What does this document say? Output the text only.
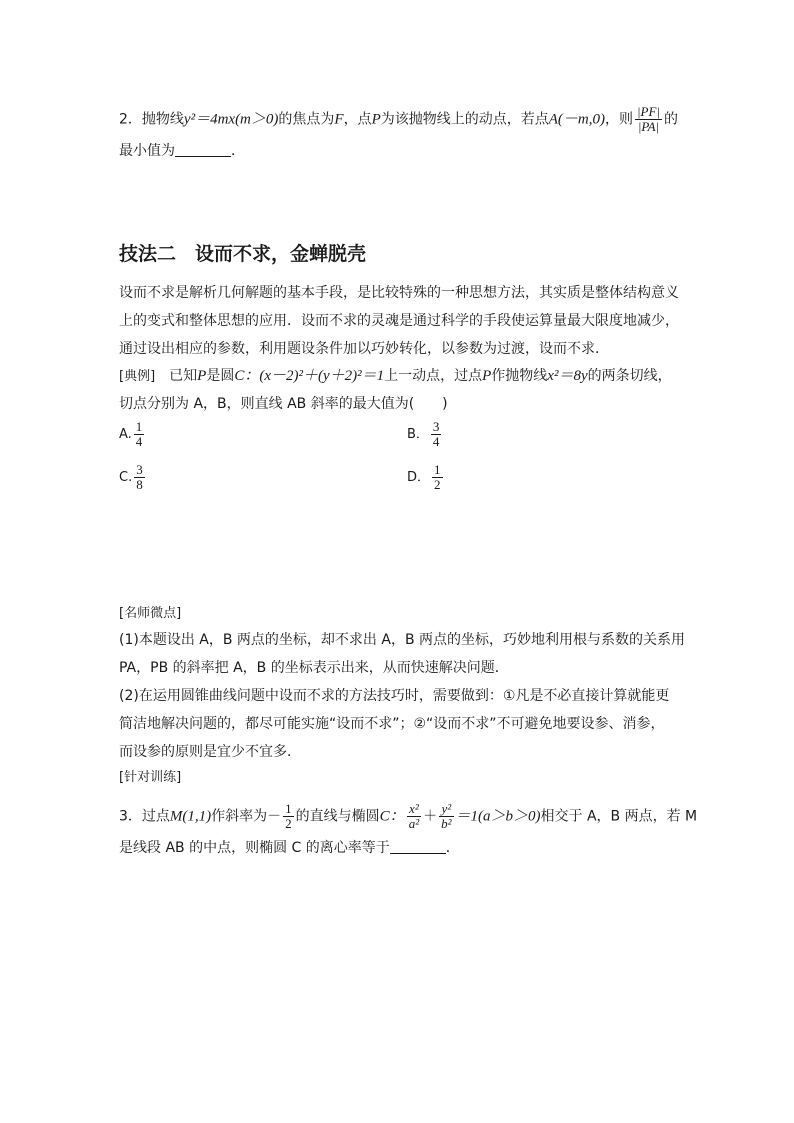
2．抛物线y²＝4mx(m＞0)的焦点为F，点P为该抛物线上的动点，若点A(－m,0)，则 $\frac{|PF|}{|PA|}$ 的
最小值为	．
技法二　设而不求，金蝉脱壳
设而不求是解析几何解题的基本手段，是比较特殊的一种思想方法，其实质是整体结构意义
上的变式和整体思想的应用．设而不求的灵魂是通过科学的手段使运算量最大限度地减少，
通过设出相应的参数，利用题设条件加以巧妙转化，以参数为过渡，设而不求．
[典例]　已知P是圆C：(x－2)²＋(y＋2)²＝1上一动点，过点P作抛物线x²＝8y的两条切线，
切点分别为 A，B，则直线 AB 斜率的最大值为(　　)
A. $\frac{1}{4}$	B． $\frac{3}{4}$
C. $\frac{3}{8}$	D． $\frac{1}{2}$
[名师微点]
(1)本题设出 A，B 两点的坐标，却不求出 A，B 两点的坐标，巧妙地利用根与系数的关系用
PA，PB 的斜率把 A，B 的坐标表示出来，从而快速解决问题．
(2)在运用圆锥曲线问题中设而不求的方法技巧时，需要做到：①凡是不必直接计算就能更
简洁地解决问题的，都尽可能实施“设而不求”；②“设而不求”不可避免地要设参、消参，
而设参的原则是宜少不宜多．
[针对训练]
3．过点M(1,1)作斜率为－ $\frac{1}{2}$ 的直线与椭圆C： $\frac{\text{x²}}{\text{a²}} + \frac{\text{y²}}{\text{b²}} =1(a>b>0)$相交于 A，B 两点，若 M
是线段 AB 的中点，则椭圆 C 的离心率等于	．
